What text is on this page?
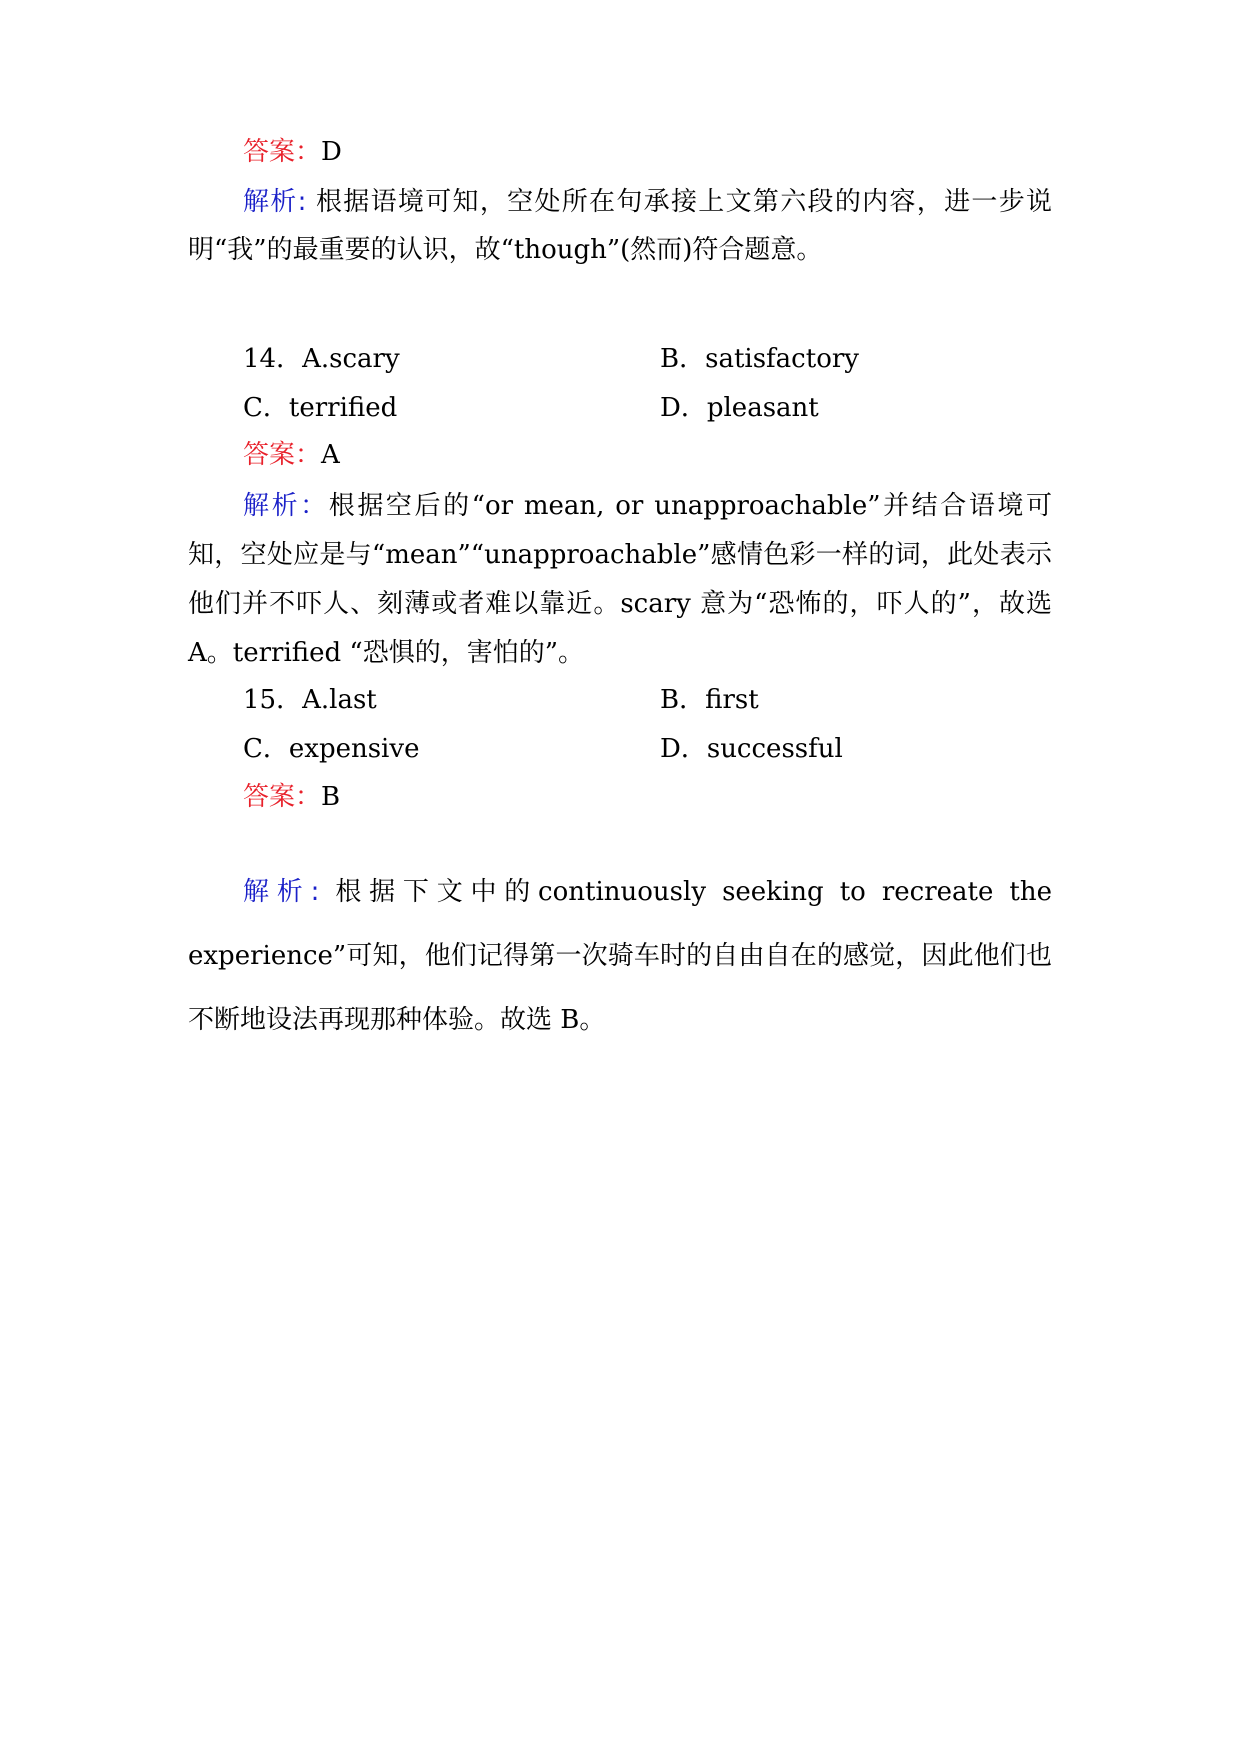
答案：D
解析: 根据语境可知，空处所在句承接上文第六段的内容，进一步说明“我”的最重要的认识，故“though”(然而)符合题意。
14．A.scary	B．satisfactory
C．terrified	D．pleasant
答案：A
解析：根据空后的“or mean, or unapproachable”并结合语境可知，空处应是与“mean”“unapproachable”感情色彩一样的词，此处表示他们并不吓人、刻薄或者难以靠近。scary 意为“恐怖的，吓人的”，故选 A。terrified “恐惧的，害怕的”。
15．A.last	B．first
C．expensive	D．successful
答案：B
解析: 根据下文中的continuously seeking to recreate the experience”可知，他们记得第一次骑车时的自由自在的感觉，因此他们也不断地设法再现那种体验。故选 B。
